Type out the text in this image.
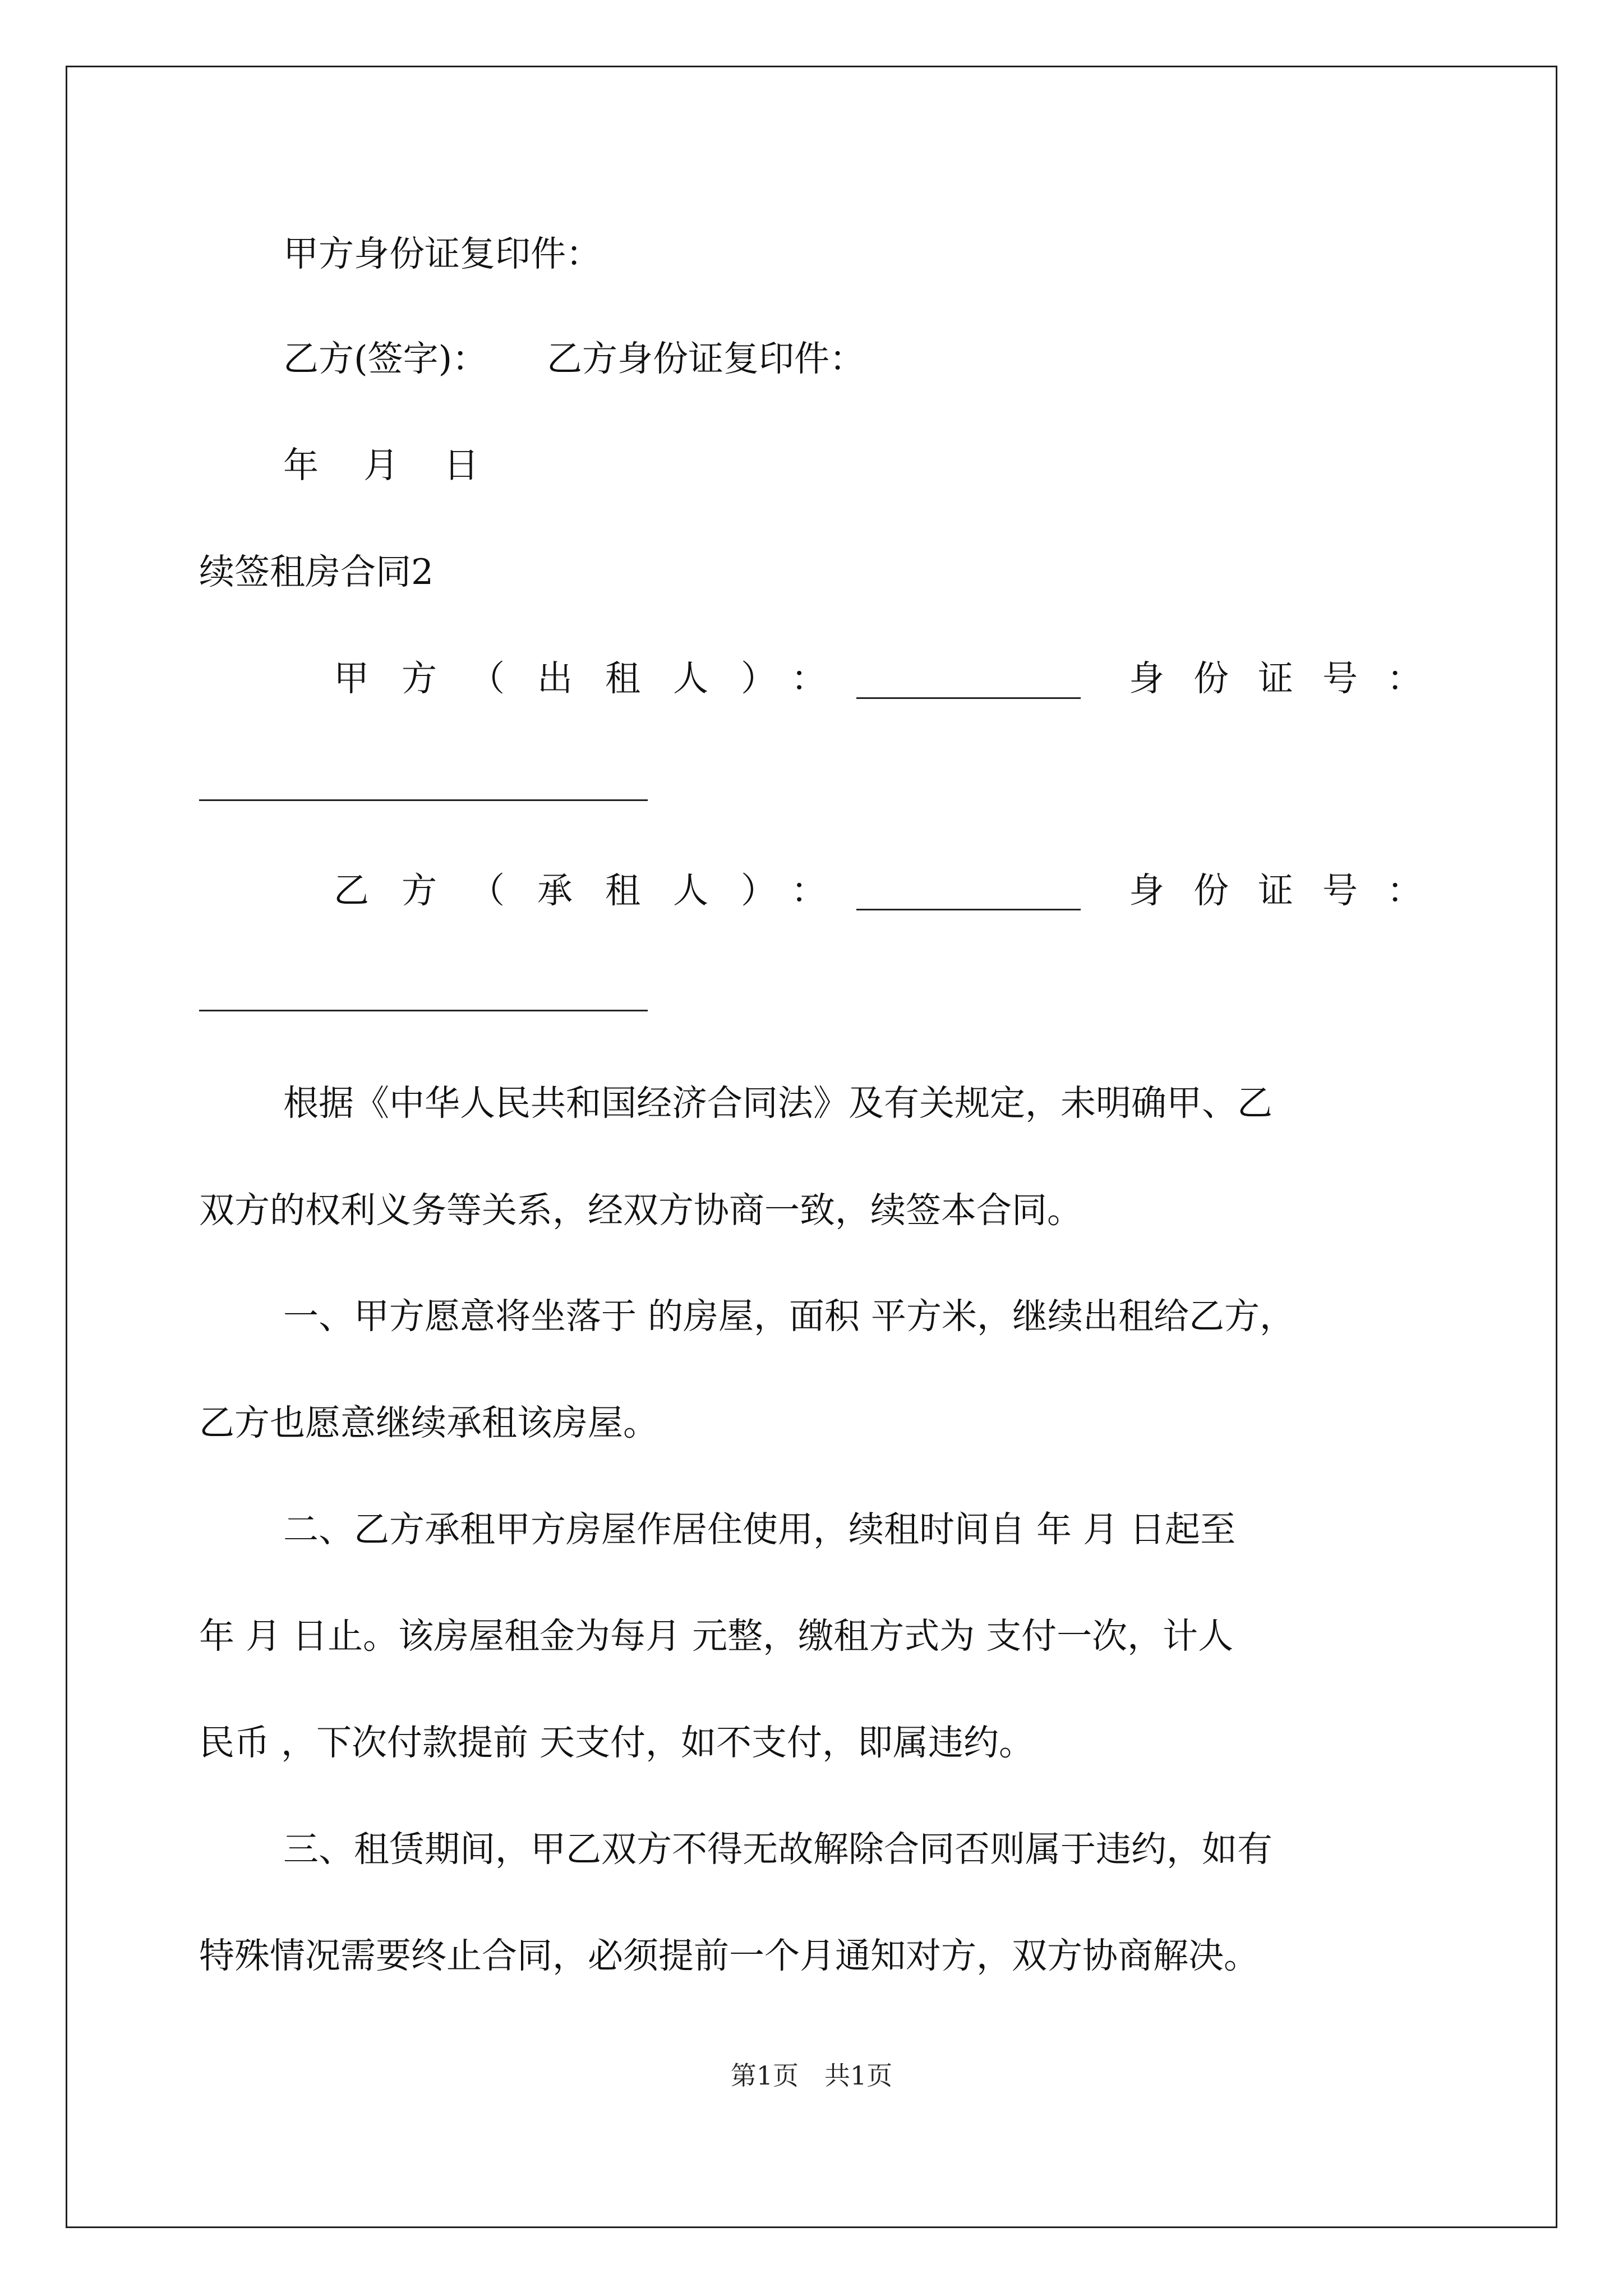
甲方身份证复印件：

乙方(签字)： 乙方身份证复印件：

年 月 日

续签租房合同2

甲方（出租人）：	身份证号：
乙方（承租人）：	身份证号：

根据《中华人民共和国经济合同法》及有关规定，未明确甲、乙

双方的权利义务等关系，经双方协商一致，续签本合同。

一、甲方愿意将坐落于 的房屋，面积 平方米，继续出租给乙方，

乙方也愿意继续承租该房屋。

二、乙方承租甲方房屋作居住使用，续租时间自 年 月 日起至

年 月 日止。该房屋租金为每月 元整，缴租方式为 支付一次，计人

民币 ，下次付款提前 天支付，如不支付，即属违约。

三、租赁期间，甲乙双方不得无故解除合同否则属于违约，如有

特殊情况需要终止合同，必须提前一个月通知对方，双方协商解决。

第1页　共1页
